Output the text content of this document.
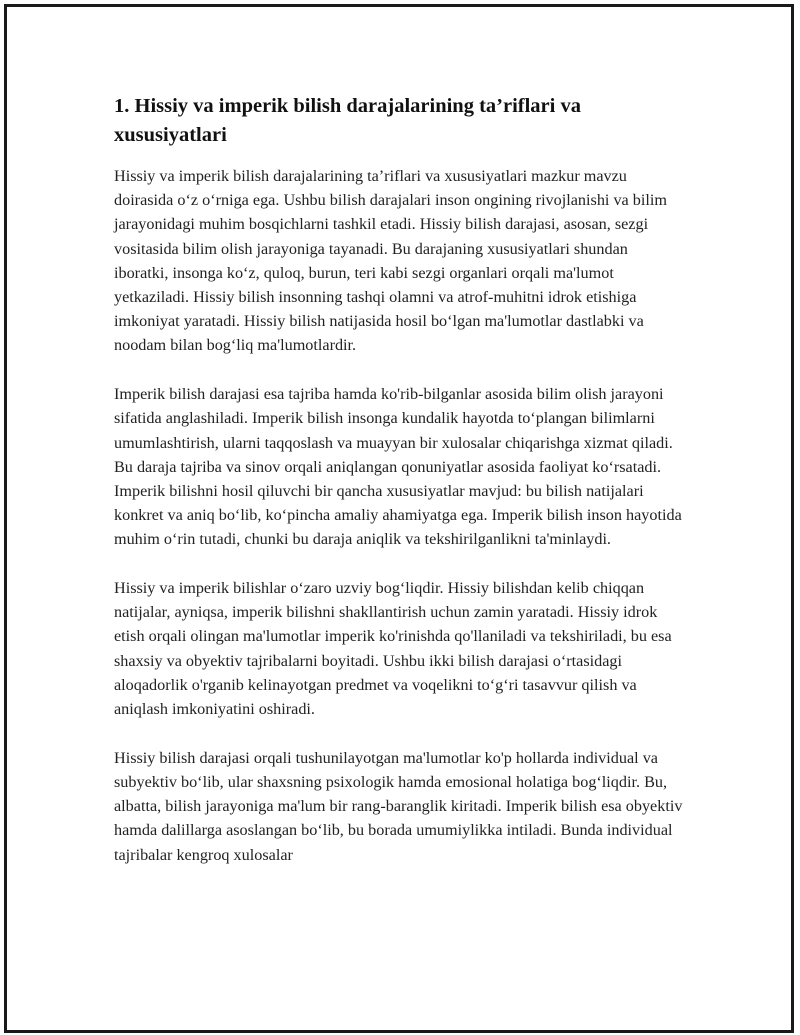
1. Hissiy va imperik bilish darajalarining ta’riflari va xususiyatlari

Hissiy va imperik bilish darajalarining ta’riflari va xususiyatlari mazkur mavzu doirasida o‘z o‘rniga ega. Ushbu bilish darajalari inson ongining rivojlanishi va bilim jarayonidagi muhim bosqichlarni tashkil etadi. Hissiy bilish darajasi, asosan, sezgi vositasida bilim olish jarayoniga tayanadi. Bu darajaning xususiyatlari shundan iboratki, insonga ko‘z, quloq, burun, teri kabi sezgi organlari orqali ma'lumot yetkaziladi. Hissiy bilish insonning tashqi olamni va atrof-muhitni idrok etishiga imkoniyat yaratadi. Hissiy bilish natijasida hosil bo‘lgan ma'lumotlar dastlabki va noodam bilan bog‘liq ma'lumotlardir.

Imperik bilish darajasi esa tajriba hamda ko'rib-bilganlar asosida bilim olish jarayoni sifatida anglashiladi. Imperik bilish insonga kundalik hayotda to‘plangan bilimlarni umumlashtirish, ularni taqqoslash va muayyan bir xulosalar chiqarishga xizmat qiladi. Bu daraja tajriba va sinov orqali aniqlangan qonuniyatlar asosida faoliyat ko‘rsatadi. Imperik bilishni hosil qiluvchi bir qancha xususiyatlar mavjud: bu bilish natijalari konkret va aniq bo‘lib, ko‘pincha amaliy ahamiyatga ega. Imperik bilish inson hayotida muhim o‘rin tutadi, chunki bu daraja aniqlik va tekshirilganlikni ta'minlaydi.

Hissiy va imperik bilishlar o‘zaro uzviy bog‘liqdir. Hissiy bilishdan kelib chiqqan natijalar, ayniqsa, imperik bilishni shakllantirish uchun zamin yaratadi. Hissiy idrok etish orqali olingan ma'lumotlar imperik ko'rinishda qo'llaniladi va tekshiriladi, bu esa shaxsiy va obyektiv tajribalarni boyitadi. Ushbu ikki bilish darajasi o‘rtasidagi aloqadorlik o'rganib kelinayotgan predmet va voqelikni to‘g‘ri tasavvur qilish va aniqlash imkoniyatini oshiradi.

Hissiy bilish darajasi orqali tushunilayotgan ma'lumotlar ko'p hollarda individual va subyektiv bo‘lib, ular shaxsning psixologik hamda emosional holatiga bog‘liqdir. Bu, albatta, bilish jarayoniga ma'lum bir rang-baranglik kiritadi. Imperik bilish esa obyektiv hamda dalillarga asoslangan bo‘lib, bu borada umumiylikka intiladi. Bunda individual tajribalar kengroq xulosalar
